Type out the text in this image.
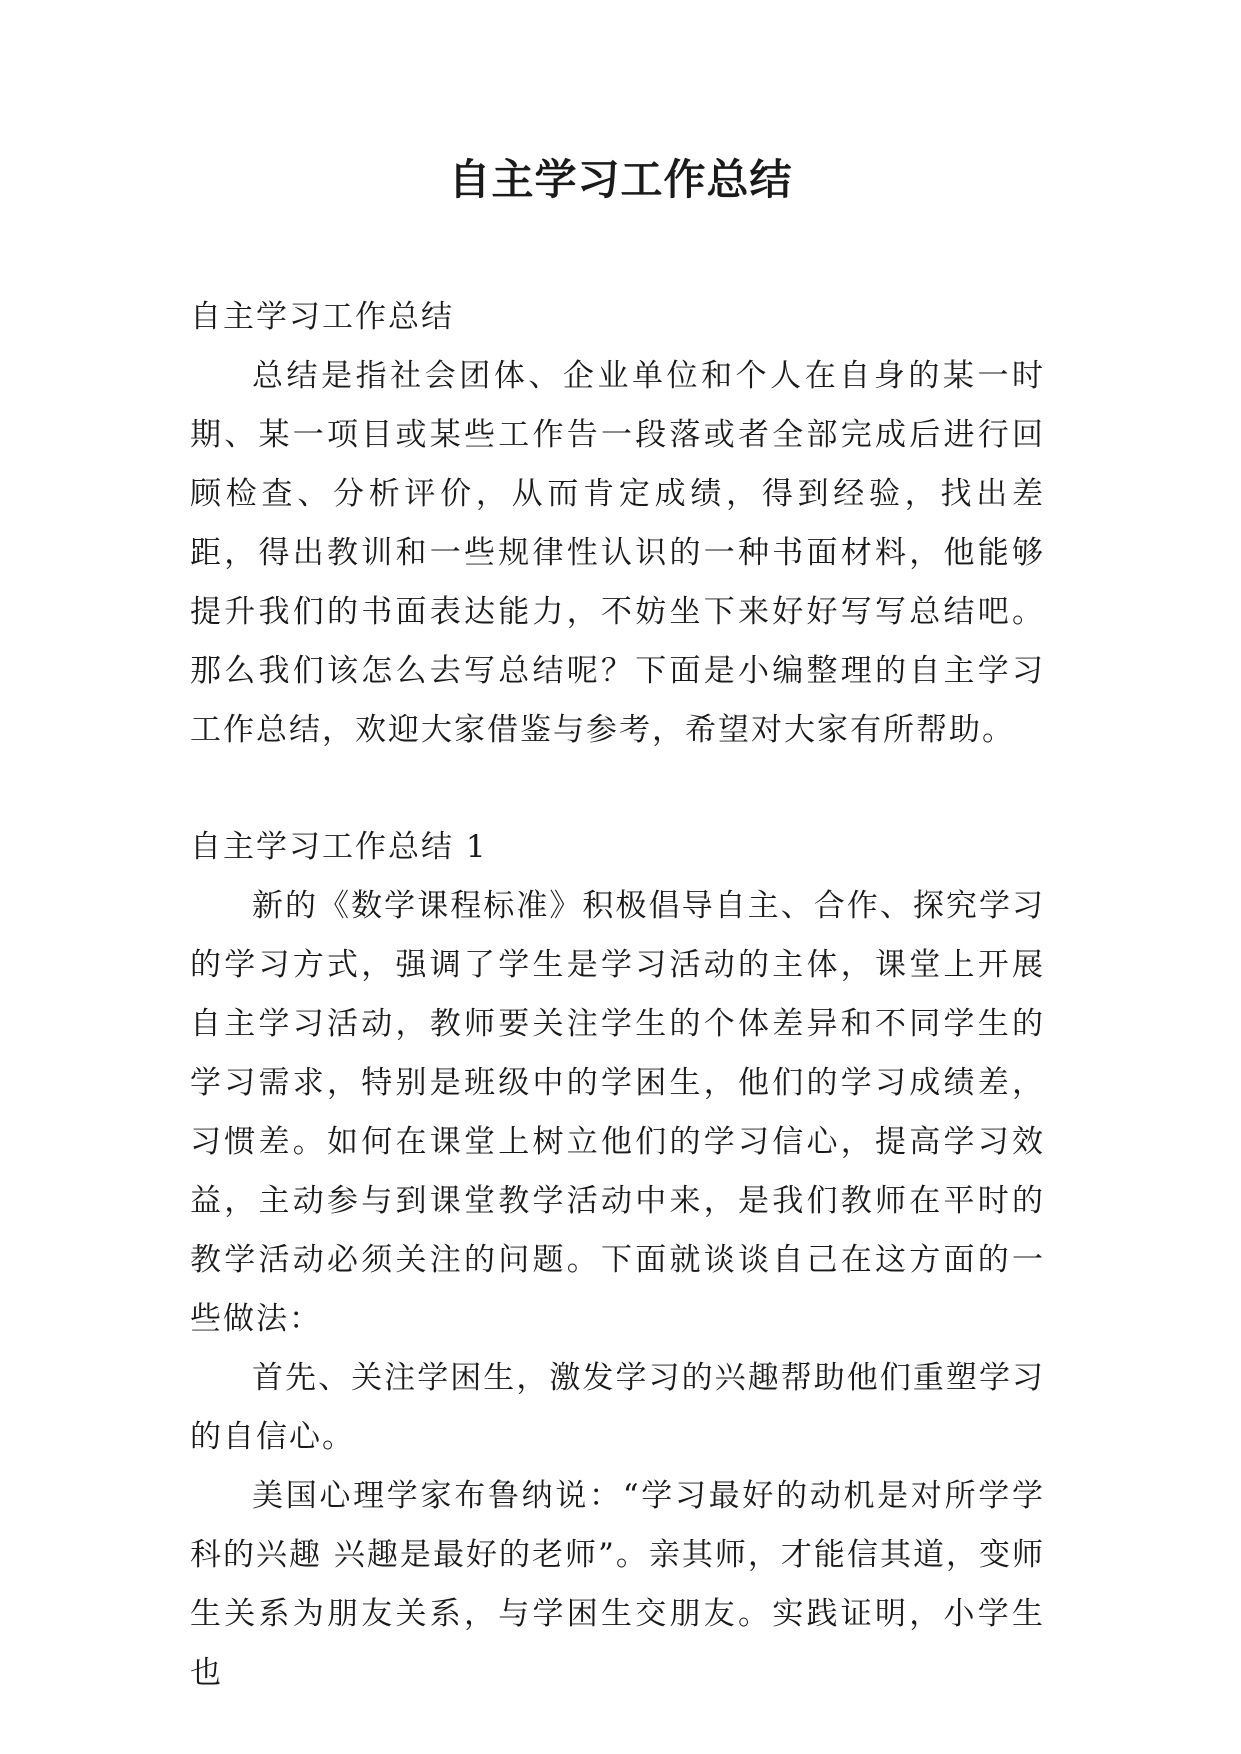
自主学习工作总结

自主学习工作总结

总结是指社会团体、企业单位和个人在自身的某一时期、某一项目或某些工作告一段落或者全部完成后进行回顾检查、分析评价，从而肯定成绩，得到经验，找出差距，得出教训和一些规律性认识的一种书面材料，他能够提升我们的书面表达能力，不妨坐下来好好写写总结吧。那么我们该怎么去写总结呢？下面是小编整理的自主学习工作总结，欢迎大家借鉴与参考，希望对大家有所帮助。

自主学习工作总结 1

新的《数学课程标准》积极倡导自主、合作、探究学习的学习方式，强调了学生是学习活动的主体，课堂上开展自主学习活动，教师要关注学生的个体差异和不同学生的学习需求，特别是班级中的学困生，他们的学习成绩差，习惯差。如何在课堂上树立他们的学习信心，提高学习效益，主动参与到课堂教学活动中来，是我们教师在平时的教学活动必须关注的问题。下面就谈谈自己在这方面的一些做法：

首先、关注学困生，激发学习的兴趣帮助他们重塑学习的自信心。

美国心理学家布鲁纳说：“学习最好的动机是对所学学科的兴趣 兴趣是最好的老师”。亲其师，才能信其道，变师生关系为朋友关系，与学困生交朋友。实践证明，小学生也
